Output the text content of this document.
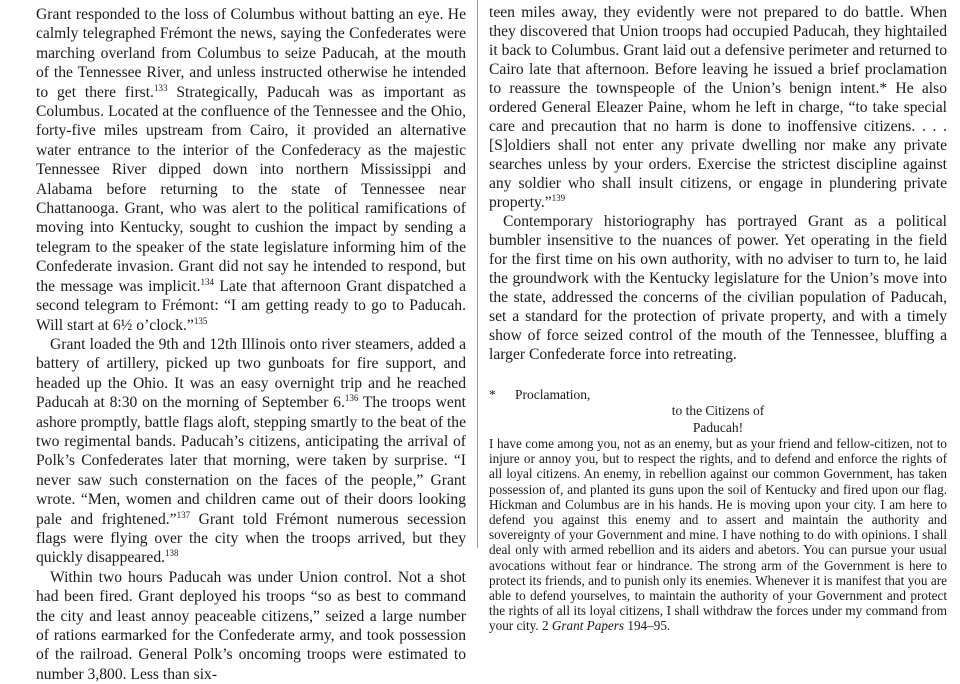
Grant responded to the loss of Columbus without batting an eye. He calmly telegraphed Frémont the news, saying the Confederates were marching overland from Columbus to seize Paducah, at the mouth of the Tennessee River, and unless instructed otherwise he intended to get there first.$^{133}$ Strategically, Paducah was as important as Columbus. Located at the confluence of the Tennessee and the Ohio, forty-five miles upstream from Cairo, it provided an alternative water entrance to the interior of the Confederacy as the majestic Tennessee River dipped down into northern Mississippi and Alabama before returning to the state of Tennessee near Chattanooga. Grant, who was alert to the political ramifications of moving into Kentucky, sought to cushion the impact by sending a telegram to the speaker of the state legislature informing him of the Confederate invasion. Grant did not say he intended to respond, but the message was implicit.$^{134}$ Late that afternoon Grant dispatched a second telegram to Frémont: “I am getting ready to go to Paducah. Will start at 6½ o’clock.”$^{135}$

Grant loaded the 9th and 12th Illinois onto river steamers, added a battery of artillery, picked up two gunboats for fire support, and headed up the Ohio. It was an easy overnight trip and he reached Paducah at 8:30 on the morning of September 6.$^{136}$ The troops went ashore promptly, battle flags aloft, stepping smartly to the beat of the two regimental bands. Paducah’s citizens, anticipating the arrival of Polk’s Confederates later that morning, were taken by surprise. “I never saw such consternation on the faces of the people,” Grant wrote. “Men, women and children came out of their doors looking pale and frightened.”$^{137}$ Grant told Frémont numerous secession flags were flying over the city when the troops arrived, but they quickly disappeared.$^{138}$

Within two hours Paducah was under Union control. Not a shot had been fired. Grant deployed his troops “so as best to command the city and least annoy peaceable citizens,” seized a large number of rations earmarked for the Confederate army, and took possession of the railroad. General Polk’s oncoming troops were estimated to number 3,800. Less than six-

teen miles away, they evidently were not prepared to do battle. When they discovered that Union troops had occupied Paducah, they hightailed it back to Columbus. Grant laid out a defensive perimeter and returned to Cairo late that afternoon. Before leaving he issued a brief proclamation to reassure the townspeople of the Union’s benign intent.* He also ordered General Eleazer Paine, whom he left in charge, “to take special care and precaution that no harm is done to inoffensive citizens. . . . [S]oldiers shall not enter any private dwelling nor make any private searches unless by your orders. Exercise the strictest discipline against any soldier who shall insult citizens, or engage in plundering private property.”$^{139}$

Contemporary historiography has portrayed Grant as a political bumbler insensitive to the nuances of power. Yet operating in the field for the first time on his own authority, with no adviser to turn to, he laid the groundwork with the Kentucky legislature for the Union’s move into the state, addressed the concerns of the civilian population of Paducah, set a standard for the protection of private property, and with a timely show of force seized control of the mouth of the Tennessee, bluffing a larger Confederate force into retreating.

* Proclamation,
to the Citizens of
Paducah!

I have come among you, not as an enemy, but as your friend and fellow-citizen, not to injure or annoy you, but to respect the rights, and to defend and enforce the rights of all loyal citizens. An enemy, in rebellion against our common Government, has taken possession of, and planted its guns upon the soil of Kentucky and fired upon our flag. Hickman and Columbus are in his hands. He is moving upon your city. I am here to defend you against this enemy and to assert and maintain the authority and sovereignty of your Government and mine. I have nothing to do with opinions. I shall deal only with armed rebellion and its aiders and abetors. You can pursue your usual avocations without fear or hindrance. The strong arm of the Government is here to protect its friends, and to punish only its enemies. Whenever it is manifest that you are able to defend yourselves, to maintain the authority of your Government and protect the rights of all its loyal citizens, I shall withdraw the forces under my command from your city. 2 Grant Papers 194–95.
